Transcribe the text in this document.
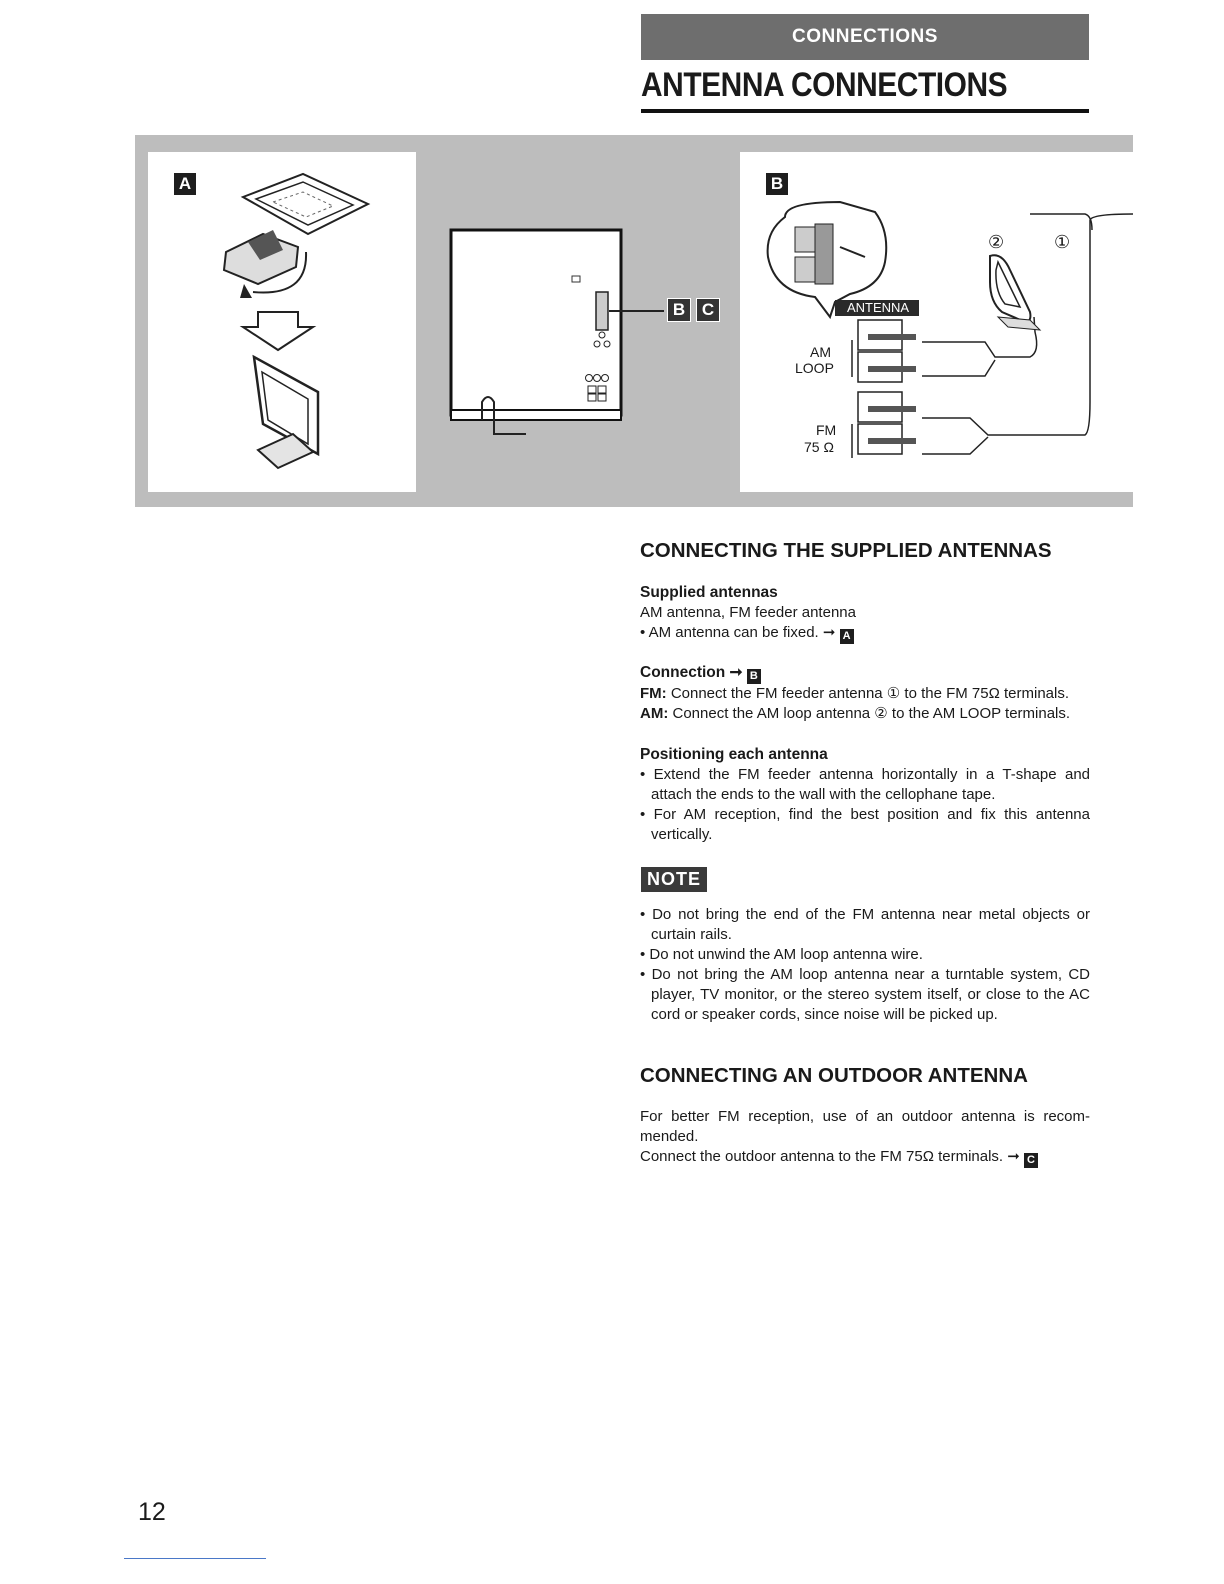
CONNECTIONS
ANTENNA CONNECTIONS
A
B C
B
ANTENNA
AM
LOOP
FM
75 Ω
②	①
CONNECTING THE SUPPLIED ANTENNAS

Supplied antennas

AM antenna, FM feeder antenna

• AM antenna can be fixed. ➞ A

Connection ➞ B

FM: Connect the FM feeder antenna ① to the FM 75Ω terminals.

AM: Connect the AM loop antenna ② to the AM LOOP terminals.

Positioning each antenna

• Extend the FM feeder antenna horizontally in a T-shape and attach the ends to the wall with the cellophane tape.

• For AM reception, find the best position and fix this antenna vertically.

NOTE

• Do not bring the end of the FM antenna near metal objects or curtain rails.

• Do not unwind the AM loop antenna wire.

• Do not bring the AM loop antenna near a turntable system, CD player, TV monitor, or the stereo system itself, or close to the AC cord or speaker cords, since noise will be picked up.

CONNECTING AN OUTDOOR ANTENNA

For better FM reception, use of an outdoor antenna is recom-mended.

Connect the outdoor antenna to the FM 75Ω terminals. ➞ C

12
